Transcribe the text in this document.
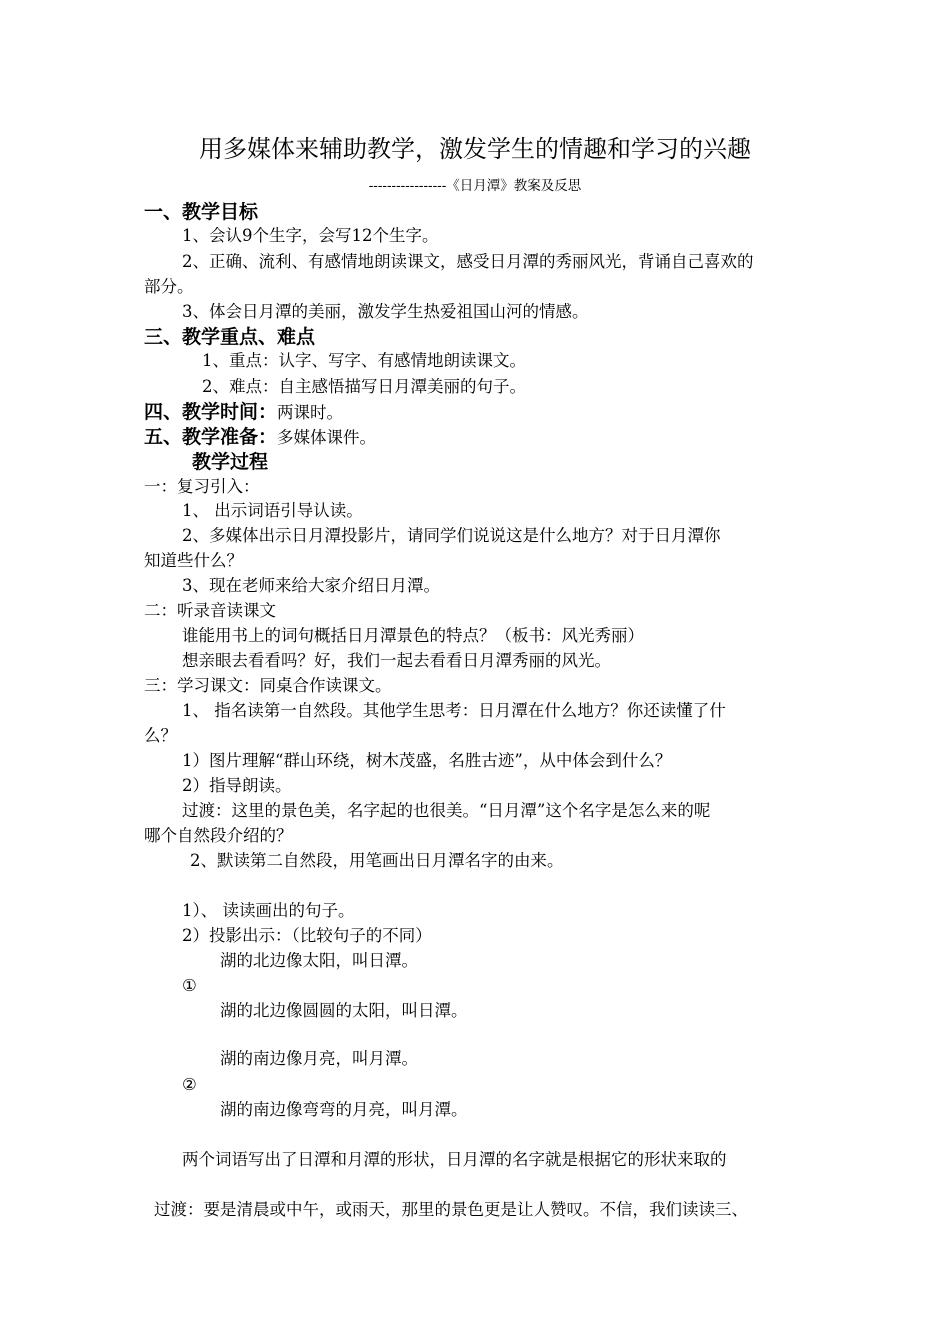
用多媒体来辅助教学，激发学生的情趣和学习的兴趣
-----------------《日月潭》教案及反思
一、教学目标
1、会认9个生字，会写12个生字。
2、正确、流利、有感情地朗读课文，感受日月潭的秀丽风光，背诵自己喜欢的
部分。
3、体会日月潭的美丽，激发学生热爱祖国山河的情感。
三、教学重点、难点
1、重点：认字、写字、有感情地朗读课文。
2、难点：自主感悟描写日月潭美丽的句子。
四、教学时间：两课时。
五、教学准备：多媒体课件。
教学过程
一：复习引入：
1、 出示词语引导认读。
2、多媒体出示日月潭投影片，请同学们说说这是什么地方？对于日月潭你
知道些什么？
3、现在老师来给大家介绍日月潭。
二：听录音读课文
谁能用书上的词句概括日月潭景色的特点？（板书：风光秀丽）
想亲眼去看看吗？好，我们一起去看看日月潭秀丽的风光。
三：学习课文：同桌合作读课文。
1、 指名读第一自然段。其他学生思考：日月潭在什么地方？你还读懂了什
么？
1）图片理解“群山环绕，树木茂盛，名胜古迹”，从中体会到什么？
2）指导朗读。
过渡：这里的景色美，名字起的也很美。“日月潭”这个名字是怎么来的呢
哪个自然段介绍的？
2、默读第二自然段，用笔画出日月潭名字的由来。
1）、 读读画出的句子。
2）投影出示：（比较句子的不同）
湖的北边像太阳，叫日潭。
①
湖的北边像圆圆的太阳，叫日潭。
湖的南边像月亮，叫月潭。
②
湖的南边像弯弯的月亮，叫月潭。
两个词语写出了日潭和月潭的形状，日月潭的名字就是根据它的形状来取的
过渡：要是清晨或中午，或雨天，那里的景色更是让人赞叹。不信，我们读读三、
